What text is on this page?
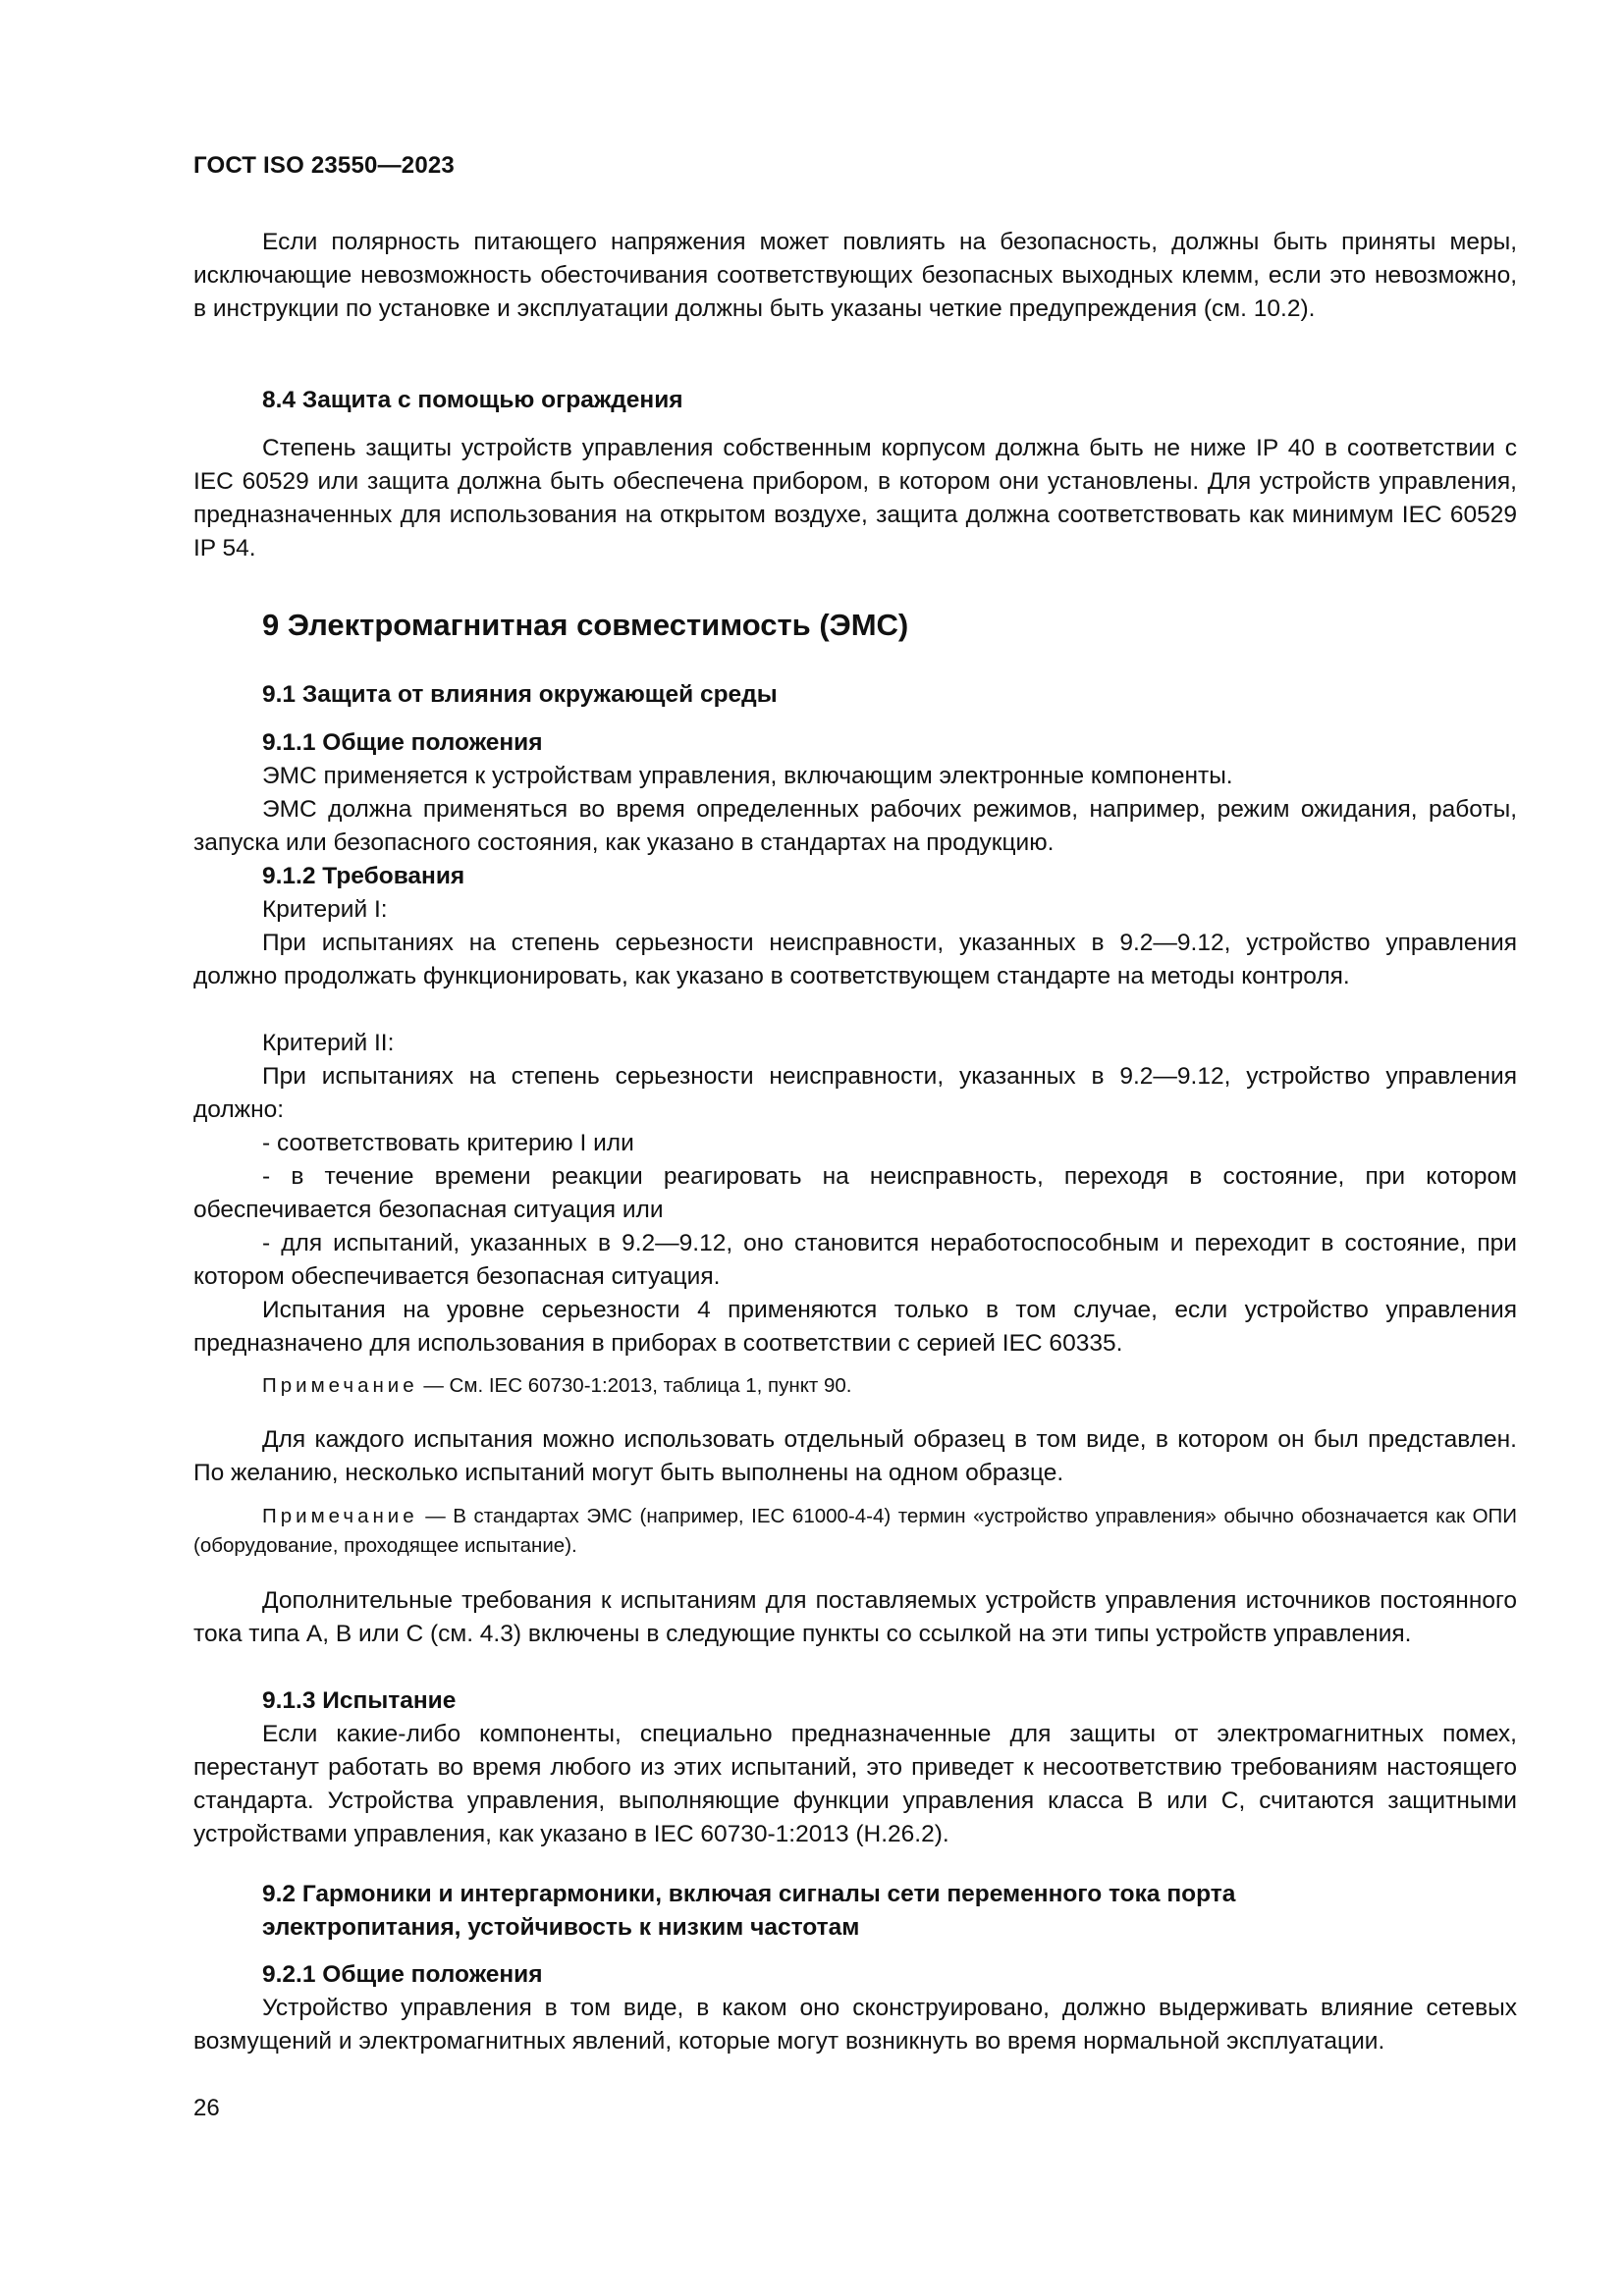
ГОСТ ISO 23550—2023

Если полярность питающего напряжения может повлиять на безопасность, должны быть приняты меры, исключающие невозможность обесточивания соответствующих безопасных выходных клемм, если это невозможно, в инструкции по установке и эксплуатации должны быть указаны четкие предупреждения (см. 10.2).

8.4 Защита с помощью ограждения

Степень защиты устройств управления собственным корпусом должна быть не ниже IP 40 в соответствии с IEC 60529 или защита должна быть обеспечена прибором, в котором они установлены. Для устройств управления, предназначенных для использования на открытом воздухе, защита должна соответствовать как минимум IEC 60529 IP 54.

9 Электромагнитная совместимость (ЭМС)

9.1 Защита от влияния окружающей среды

9.1.1 Общие положения

ЭМС применяется к устройствам управления, включающим электронные компоненты.

ЭМС должна применяться во время определенных рабочих режимов, например, режим ожидания, работы, запуска или безопасного состояния, как указано в стандартах на продукцию.

9.1.2 Требования

Критерий I:

При испытаниях на степень серьезности неисправности, указанных в 9.2—9.12, устройство управления должно продолжать функционировать, как указано в соответствующем стандарте на методы контроля.

Критерий II:

При испытаниях на степень серьезности неисправности, указанных в 9.2—9.12, устройство управления должно:

- соответствовать критерию I или

- в течение времени реакции реагировать на неисправность, переходя в состояние, при котором обеспечивается безопасная ситуация или

- для испытаний, указанных в 9.2—9.12, оно становится неработоспособным и переходит в состояние, при котором обеспечивается безопасная ситуация.

Испытания на уровне серьезности 4 применяются только в том случае, если устройство управления предназначено для использования в приборах в соответствии с серией IEC 60335.

Примечание — См. IEC 60730-1:2013, таблица 1, пункт 90.

Для каждого испытания можно использовать отдельный образец в том виде, в котором он был представлен. По желанию, несколько испытаний могут быть выполнены на одном образце.

Примечание — В стандартах ЭМС (например, IEC 61000-4-4) термин «устройство управления» обычно обозначается как ОПИ (оборудование, проходящее испытание).

Дополнительные требования к испытаниям для поставляемых устройств управления источников постоянного тока типа A, B или C (см. 4.3) включены в следующие пункты со ссылкой на эти типы устройств управления.

9.1.3 Испытание

Если какие-либо компоненты, специально предназначенные для защиты от электромагнитных помех, перестанут работать во время любого из этих испытаний, это приведет к несоответствию требованиям настоящего стандарта. Устройства управления, выполняющие функции управления класса B или C, считаются защитными устройствами управления, как указано в IEC 60730-1:2013 (H.26.2).

9.2 Гармоники и интергармоники, включая сигналы сети переменного тока порта

электропитания, устойчивость к низким частотам

9.2.1 Общие положения

Устройство управления в том виде, в каком оно сконструировано, должно выдерживать влияние сетевых возмущений и электромагнитных явлений, которые могут возникнуть во время нормальной эксплуатации.

26
